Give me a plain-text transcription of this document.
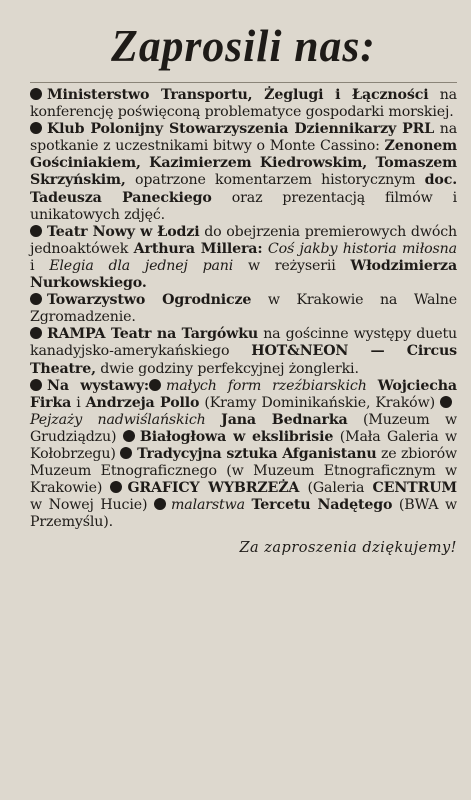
Zaprosili nas:

Ministerstwo Transportu, Żeglugi i Łączności na konferencję poświęconą problematyce gospodarki morskiej.

Klub Polonijny Stowarzyszenia Dziennikarzy PRL na spotkanie z uczestnikami bitwy o Monte Cassino: Zenonem Gościniakiem, Kazimierzem Kiedrowskim, Tomaszem Skrzyńskim, opatrzone komentarzem historycznym doc. Tadeusza Paneckiego oraz prezentacją filmów i unikatowych zdjęć.

Teatr Nowy w Łodzi do obejrzenia premierowych dwóch jednoaktówek Arthura Millera: Coś jakby historia miłosna i Elegia dla jednej pani w reżyserii Włodzimierza Nurkowskiego.

Towarzystwo Ogrodnicze w Krakowie na Walne Zgromadzenie.

RAMPA Teatr na Targówku na gościnne występy duetu kanadyjsko-amerykańskiego HOT&NEON — Circus Theatre, dwie godziny perfekcyjnej żonglerki.

Na wystawy: małych form rzeźbiarskich Wojciecha Firka i Andrzeja Pollo (Kramy Dominikańskie, Kraków) Pejzaży nadwiślańskich Jana Bednarka (Muzeum w Grudziądzu) Białogłowa w ekslibrisie (Mała Galeria w Kołobrzegu) Tradycyjna sztuka Afganistanu ze zbiorów Muzeum Etnograficznego (w Muzeum Etnograficznym w Krakowie) GRAFICY WYBRZEŻA (Galeria CENTRUM w Nowej Hucie) malarstwa Tercetu Nadętego (BWA w Przemyślu).

Za zaproszenia dziękujemy!
